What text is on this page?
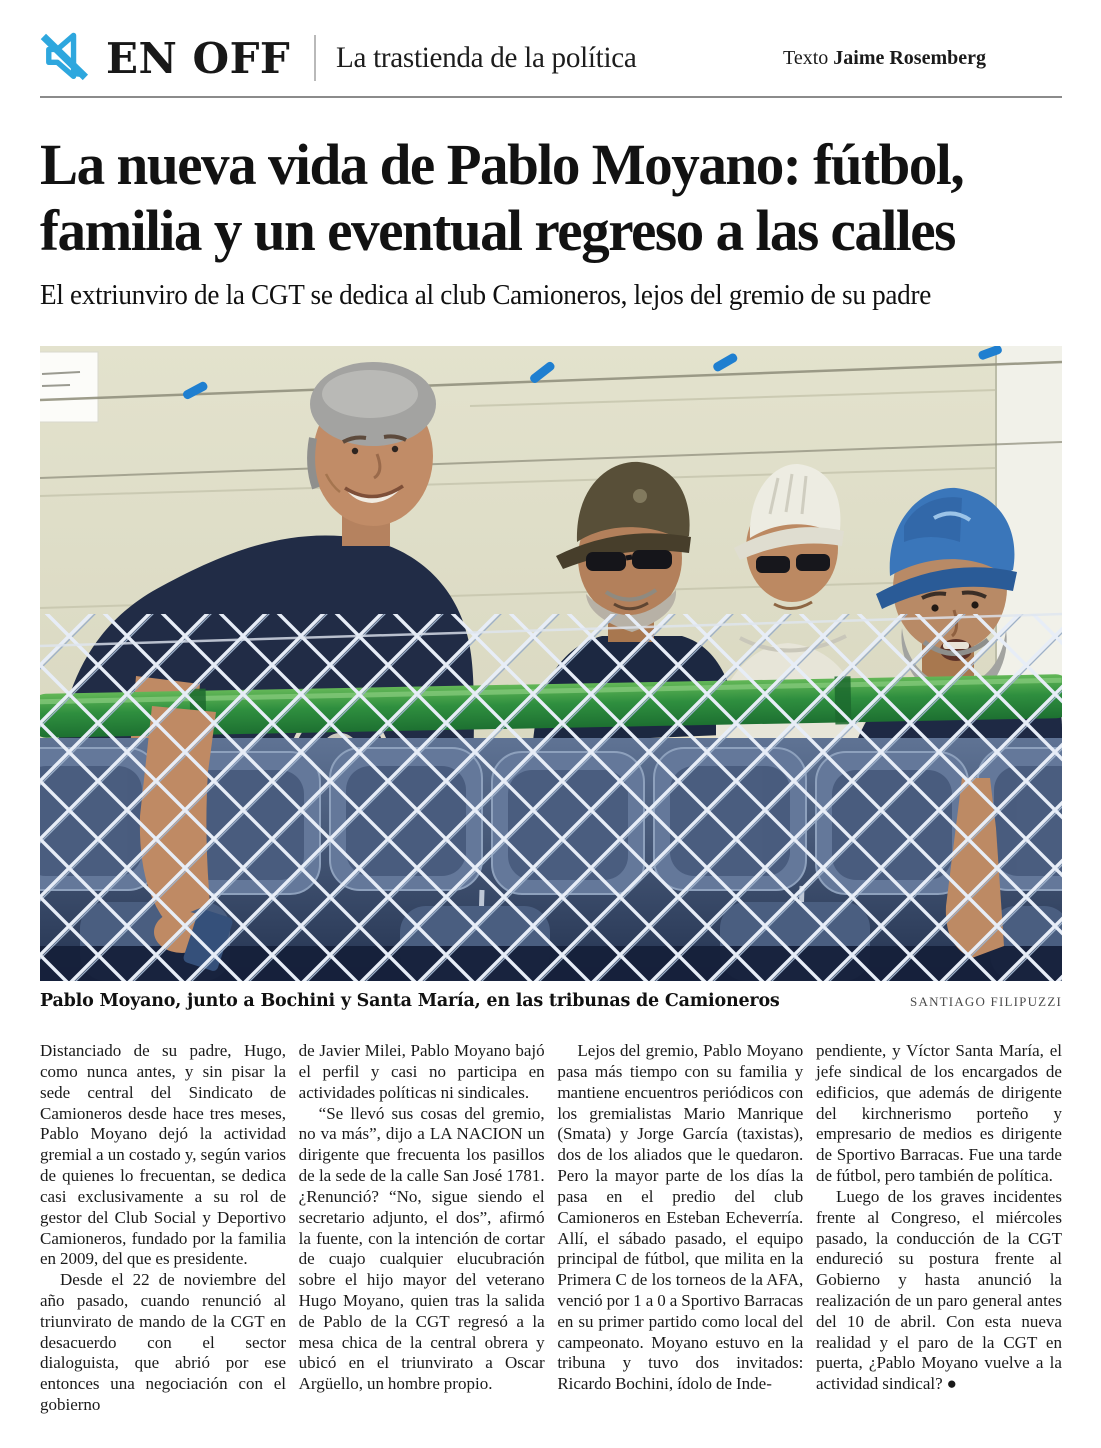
EN OFF La trastienda de la política	Texto Jaime Rosemberg
La nueva vida de Pablo Moyano: fútbol,
familia y un eventual regreso a las calles
El extriunviro de la CGT se dedica al club Camioneros, lejos del gremio de su padre
Pablo Moyano, junto a Bochini y Santa María, en las tribunas de Camioneros	SANTIAGO FILIPUZZI

Distanciado de su padre, Hugo, como nunca antes, y sin pisar la sede central del Sindicato de Camioneros desde hace tres meses, Pablo Moyano dejó la actividad gremial a un costado y, según varios de quienes lo frecuentan, se dedica casi exclusivamente a su rol de gestor del Club Social y Deportivo Camioneros, fundado por la familia en 2009, del que es presidente.

Desde el 22 de noviembre del año pasado, cuando renunció al triunvirato de mando de la CGT en desacuerdo con el sector dialoguista, que abrió por ese entonces una negociación con el gobierno

de Javier Milei, Pablo Moyano bajó el perfil y casi no participa en actividades políticas ni sindicales.

“Se llevó sus cosas del gremio, no va más”, dijo a LA NACION un dirigente que frecuenta los pasillos de la sede de la calle San José 1781. ¿Renunció? “No, sigue siendo el secretario adjunto, el dos”, afirmó la fuente, con la intención de cortar de cuajo cualquier elucubración sobre el hijo mayor del veterano Hugo Moyano, quien tras la salida de Pablo de la CGT regresó a la mesa chica de la central obrera y ubicó en el triunvirato a Oscar Argüello, un hombre propio.

Lejos del gremio, Pablo Moyano pasa más tiempo con su familia y mantiene encuentros periódicos con los gremialistas Mario Manrique (Smata) y Jorge García (taxistas), dos de los aliados que le quedaron. Pero la mayor parte de los días la pasa en el predio del club Camioneros en Esteban Echeverría. Allí, el sábado pasado, el equipo principal de fútbol, que milita en la Primera C de los torneos de la AFA, venció por 1 a 0 a Sportivo Barracas en su primer partido como local del campeonato. Moyano estuvo en la tribuna y tuvo dos invitados: Ricardo Bochini, ídolo de Inde-

pendiente, y Víctor Santa María, el jefe sindical de los encargados de edificios, que además de dirigente del kirchnerismo porteño y empresario de medios es dirigente de Sportivo Barracas. Fue una tarde de fútbol, pero también de política.

Luego de los graves incidentes frente al Congreso, el miércoles pasado, la conducción de la CGT endureció su postura frente al Gobierno y hasta anunció la realización de un paro general antes del 10 de abril. Con esta nueva realidad y el paro de la CGT en puerta, ¿Pablo Moyano vuelve a la actividad sindical? ●
